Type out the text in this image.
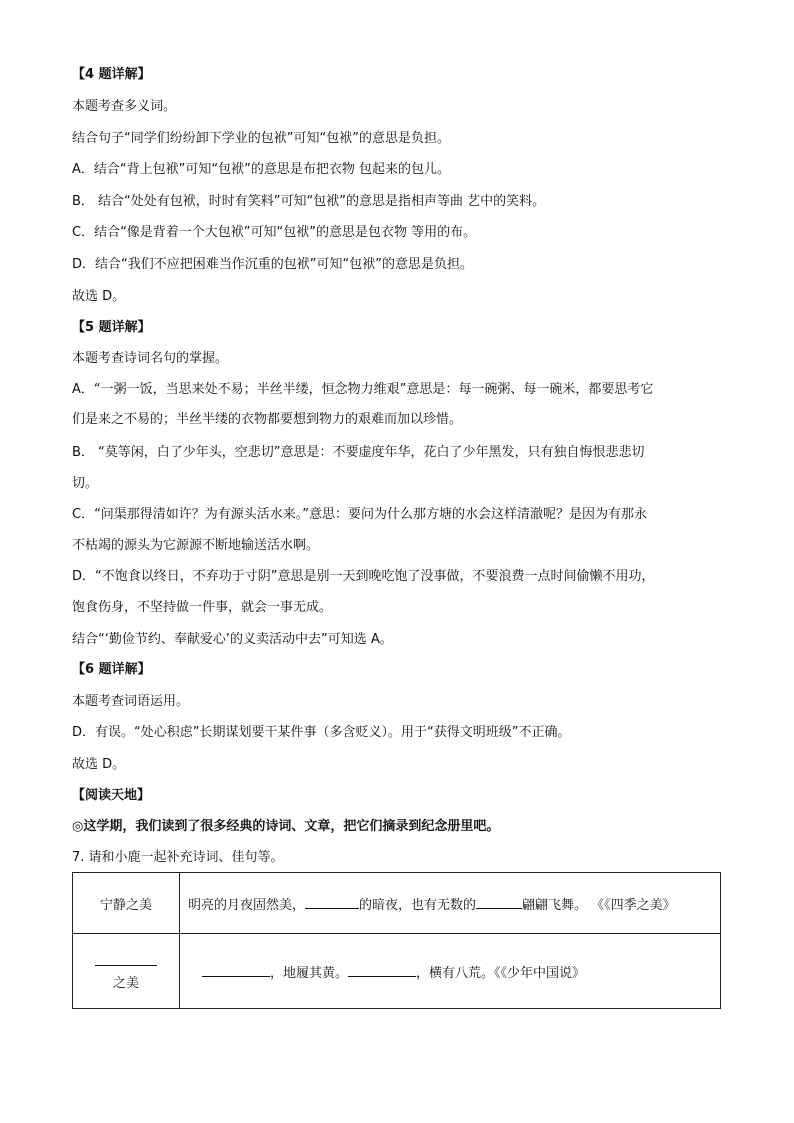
【4 题详解】
本题考查多义词。
结合句子“同学们纷纷卸下学业的包袱”可知“包袱”的意思是负担。
A．结合“背上包袱”可知“包袱”的意思是布把衣物 包起来的包儿。
B． 结合“处处有包袱，时时有笑料”可知“包袱”的意思是指相声等曲 艺中的笑料。
C．结合“像是背着一个大包袱”可知“包袱”的意思是包衣物 等用的布。
D．结合“我们不应把困难当作沉重的包袱”可知“包袱”的意思是负担。
故选 D。
【5 题详解】
本题考查诗词名句的掌握。
A．“一粥一饭，当思来处不易；半丝半缕，恒念物力维艰”意思是：每一碗粥、每一碗米，都要思考它
们是来之不易的；半丝半缕的衣物都要想到物力的艰难而加以珍惜。
B． “莫等闲，白了少年头，空悲切”意思是：不要虚度年华，花白了少年黑发，只有独自悔恨悲悲切
切。
C．“问渠那得清如许？为有源头活水来。”意思：要问为什么那方塘的水会这样清澈呢？是因为有那永
不枯竭的源头为它源源不断地输送活水啊。
D．“不饱食以终日，不弃功于寸阴”意思是别一天到晚吃饱了没事做，不要浪费一点时间偷懒不用功，
饱食伤身，不坚持做一件事，就会一事无成。
结合“‘勤俭节约、奉献爱心’的义卖活动中去”可知选 A。
【6 题详解】
本题考查词语运用。
D．有误。“处心积虑”长期谋划要干某件事（多含贬义）。用于“获得文明班级”不正确。
故选 D。
【阅读天地】
◎这学期，我们读到了很多经典的诗词、文章，把它们摘录到纪念册里吧。
7. 请和小鹿一起补充诗词、佳句等。
宁静之美	明亮的月夜固然美， 的暗夜，也有无数的 翩翩飞舞。 《《四季之美》

之美	，地履其黄。 ，横有八荒。《《少年中国说》
